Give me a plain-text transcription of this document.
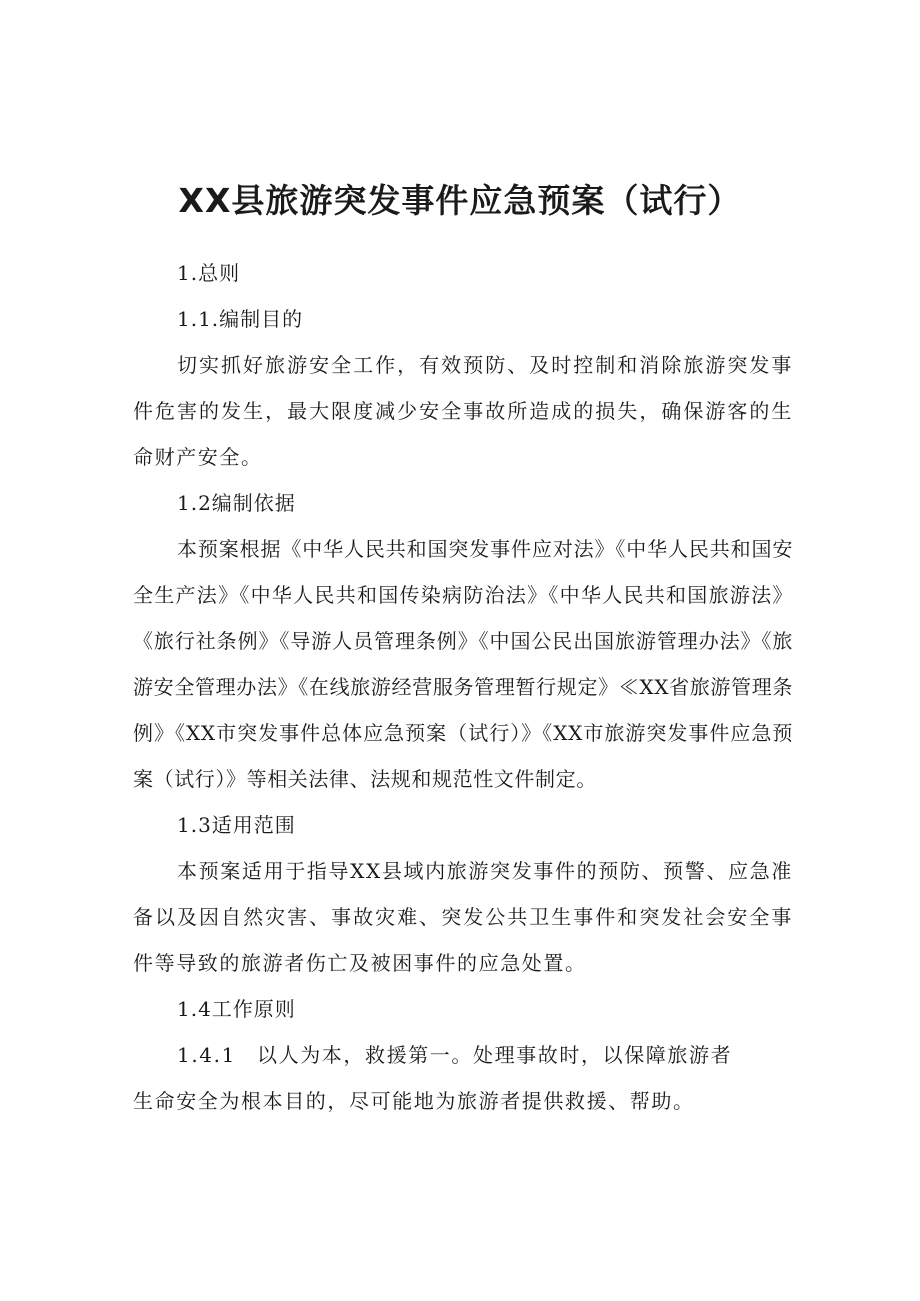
XX县旅游突发事件应急预案（试行）

1.总则

1.1.编制目的

切实抓好旅游安全工作，有效预防、及时控制和消除旅游突发事件危害的发生，最大限度减少安全事故所造成的损失，确保游客的生命财产安全。

1.2编制依据

本预案根据《中华人民共和国突发事件应对法》《中华人民共和国安全生产法》《中华人民共和国传染病防治法》《中华人民共和国旅游法》《旅行社条例》《导游人员管理条例》《中国公民出国旅游管理办法》《旅游安全管理办法》《在线旅游经营服务管理暂行规定》≪XX省旅游管理条例》《XX市突发事件总体应急预案（试行）》《XX市旅游突发事件应急预案（试行）》等相关法律、法规和规范性文件制定。

1.3适用范围

本预案适用于指导XX县域内旅游突发事件的预防、预警、应急准备以及因自然灾害、事故灾难、突发公共卫生事件和突发社会安全事件等导致的旅游者伤亡及被困事件的应急处置。

1.4工作原则

1.4.1 以人为本，救援第一。处理事故时，以保障旅游者生命安全为根本目的，尽可能地为旅游者提供救援、帮助。
